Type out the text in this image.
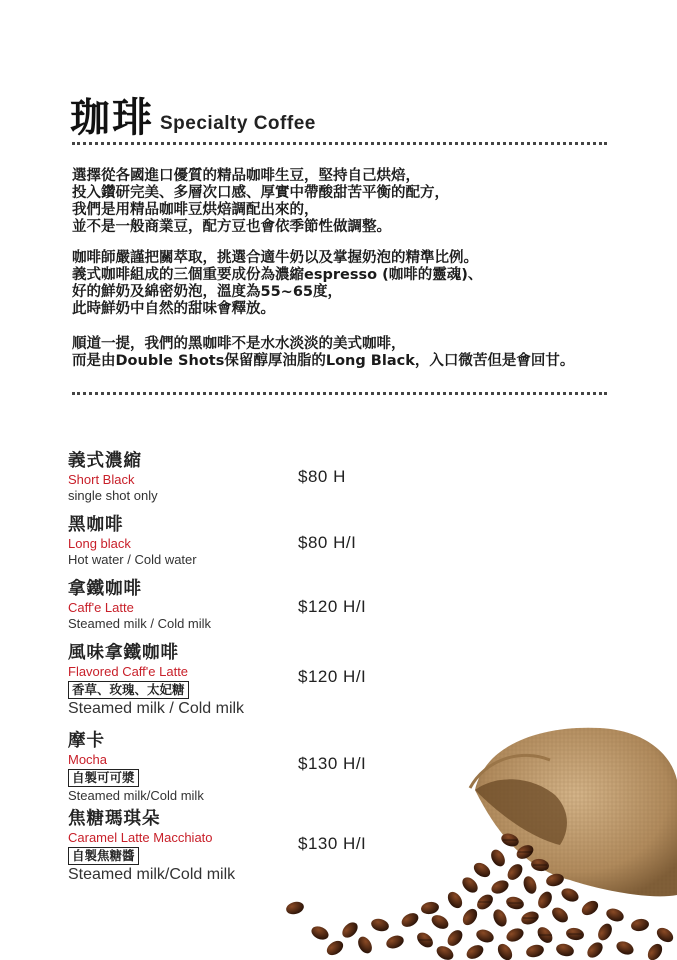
珈琲 Specialty Coffee

選擇從各國進口優質的精品咖啡生豆，堅持自己烘焙，

投入鑽研完美、多層次口感、厚實中帶酸甜苦平衡的配方，

我們是用精品咖啡豆烘焙調配出來的，

並不是一般商業豆，配方豆也會依季節性做調整。

咖啡師嚴謹把關萃取，挑選合適牛奶以及掌握奶泡的精準比例。

義式咖啡組成的三個重要成份為濃縮espresso (咖啡的靈魂)、

好的鮮奶及綿密奶泡，溫度為55~65度，

此時鮮奶中自然的甜味會釋放。

順道一提，我們的黑咖啡不是水水淡淡的美式咖啡，

而是由Double Shots保留醇厚油脂的Long Black，入口微苦但是會回甘。

義式濃縮
Short Black
single shot only
$80 H
黑咖啡
Long black
Hot water / Cold water
$80 H/I
拿鐵咖啡
Caff'e Latte
Steamed milk / Cold milk
$120 H/I
風味拿鐵咖啡
Flavored Caff'e Latte
香草、玫瑰、太妃糖
Steamed milk / Cold milk
$120 H/I
摩卡
Mocha
自製可可漿
Steamed milk/Cold milk
$130 H/I
焦糖瑪琪朵
Caramel Latte Macchiato
自製焦糖醬
Steamed milk/Cold milk
$130 H/I
